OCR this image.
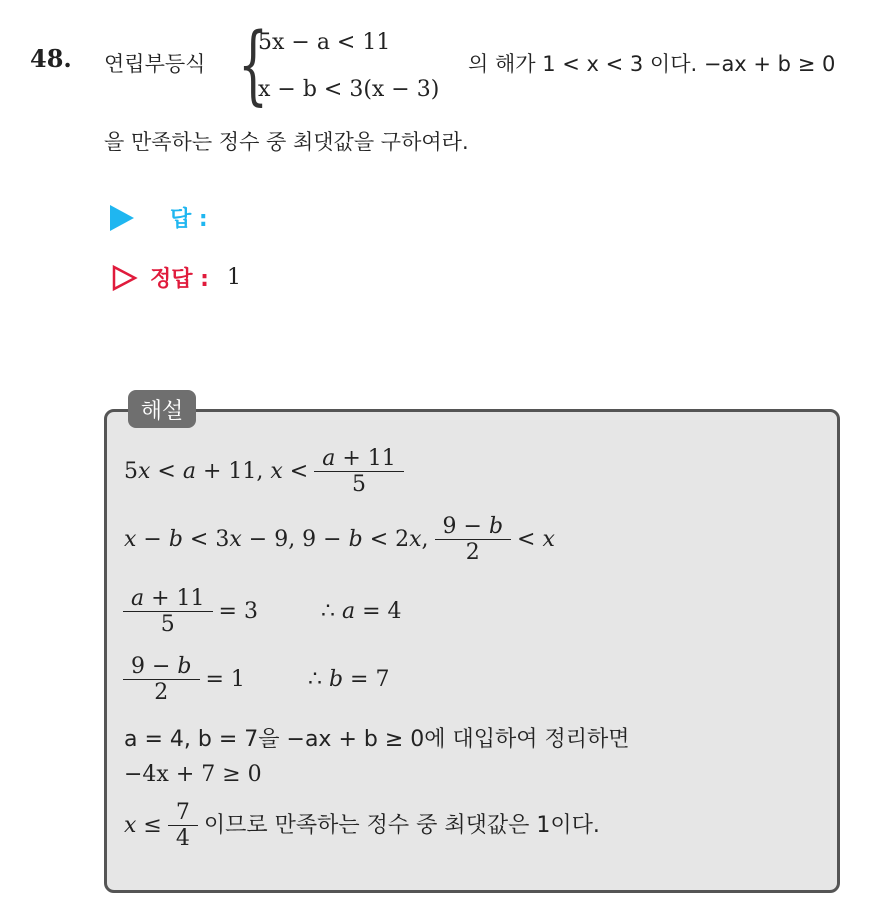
48. 연립부등식 {
5x − a < 11
x − b < 3(x − 3)
의 해가 1 < x < 3 이다. −ax + b ≥ 0
을 만족하는 정수 중 최댓값을 구하여라.
답 :
정답 : 1
해설
5x < a + 11, $x < \frac{a + 11}{5}$
x − b < 3x − 9, 9 − b < 2x, $\frac{9 - b}{2} < x$
$\frac{a + 11}{5} = 3$	∴ a = 4
$\frac{9 - b}{2} = 1$	∴ b = 7
a = 4, b = 7을 −ax + b ≥ 0에 대입하여 정리하면
−4x + 7 ≥ 0
$x \le \frac{7}{4}$ 이므로 만족하는 정수 중 최댓값은 1이다.
